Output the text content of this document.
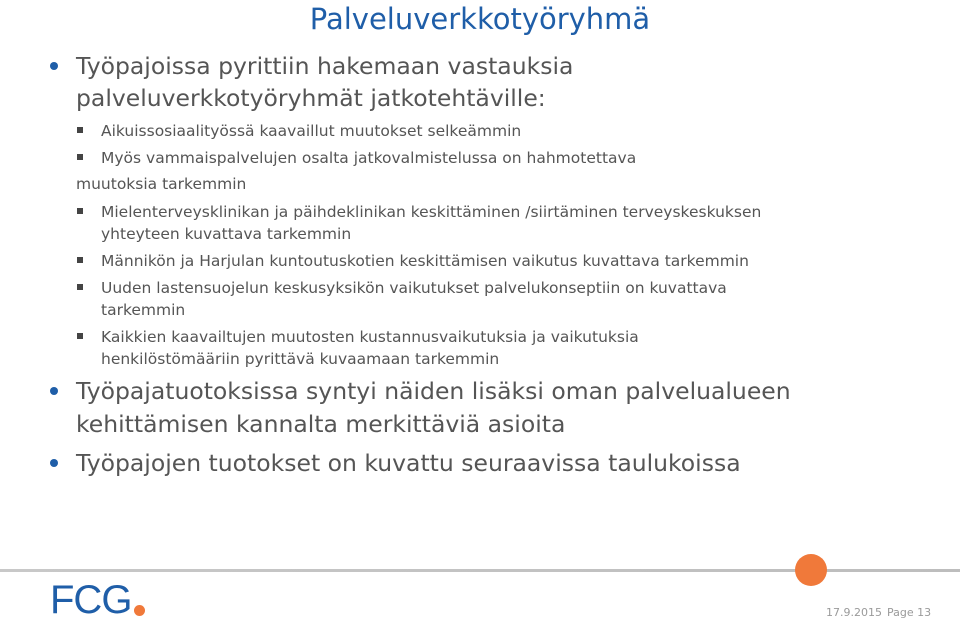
Palveluverkkotyöryhmä
Työpajoissa pyrittiin hakemaan vastauksia
palveluverkkotyöryhmät jatkotehtäville:
Aikuissosiaalityössä kaavaillut muutokset selkeämmin
Myös vammaispalvelujen osalta jatkovalmistelussa on hahmotettava
muutoksia tarkemmin
Mielenterveysklinikan ja päihdeklinikan keskittäminen /siirtäminen terveyskeskuksen
yhteyteen kuvattava tarkemmin
Männikön ja Harjulan kuntoutuskotien keskittämisen vaikutus kuvattava tarkemmin
Uuden lastensuojelun keskusyksikön vaikutukset palvelukonseptiin on kuvattava
tarkemmin
Kaikkien kaavailtujen muutosten kustannusvaikutuksia ja vaikutuksia
henkilöstömääriin pyrittävä kuvaamaan tarkemmin
Työpajatuotoksissa syntyi näiden lisäksi oman palvelualueen
kehittämisen kannalta merkittäviä asioita
Työpajojen tuotokset on kuvattu seuraavissa taulukoissa
FCG	17.9.2015 Page 13
